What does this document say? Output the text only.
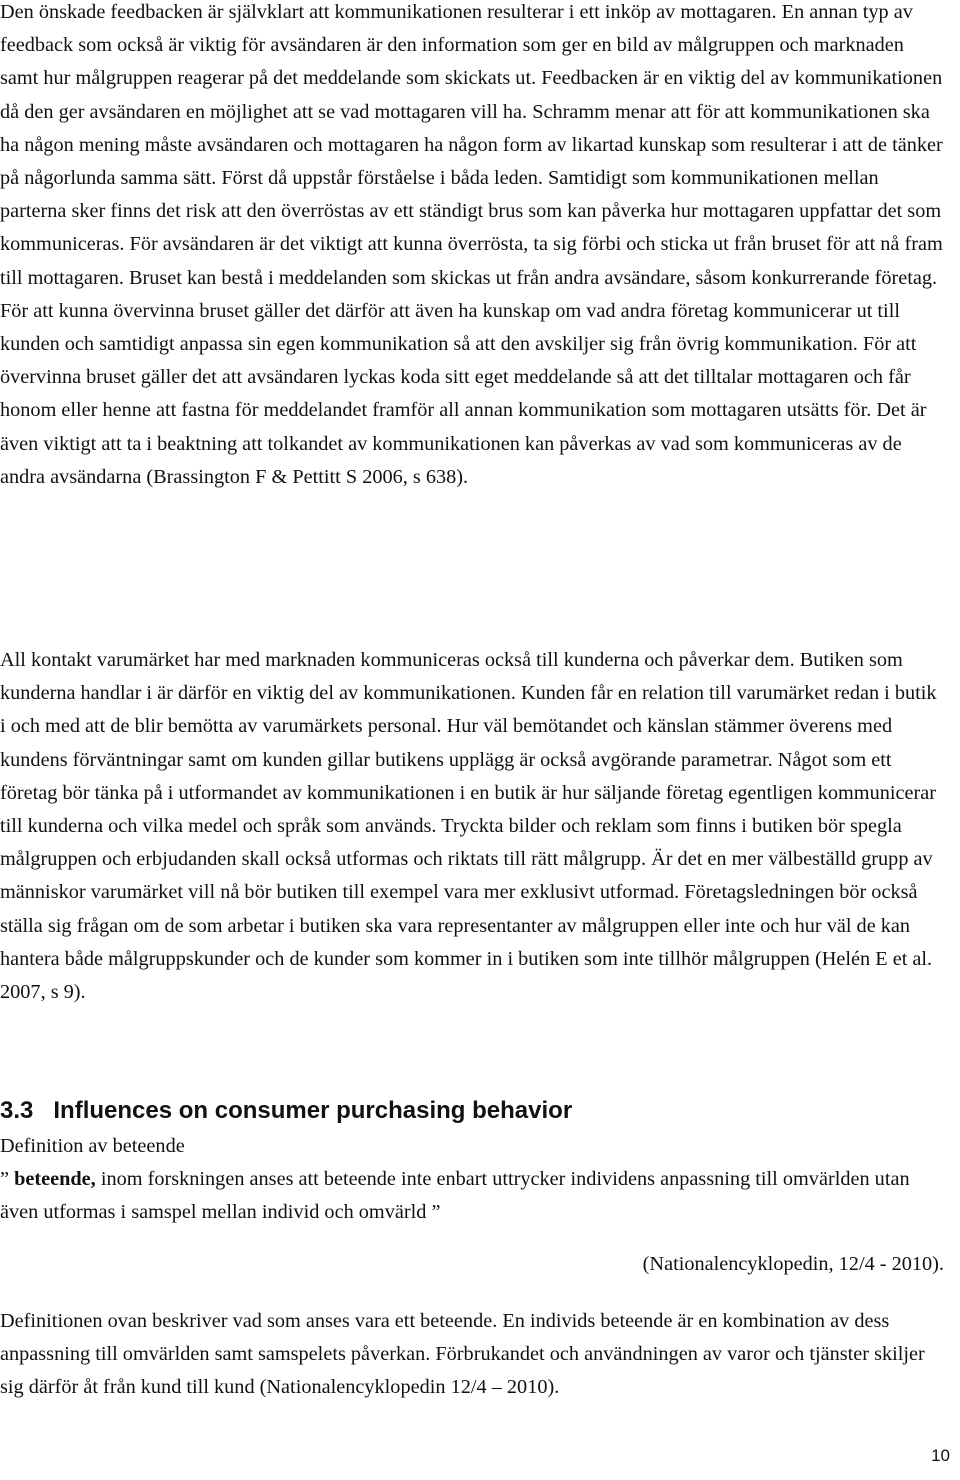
Den önskade feedbacken är självklart att kommunikationen resulterar i ett inköp av mottagaren. En annan typ av feedback som också är viktig för avsändaren är den information som ger en bild av målgruppen och marknaden samt hur målgruppen reagerar på det meddelande som skickats ut. Feedbacken är en viktig del av kommunikationen då den ger avsändaren en möjlighet att se vad mottagaren vill ha. Schramm menar att för att kommunikationen ska ha någon mening måste avsändaren och mottagaren ha någon form av likartad kunskap som resulterar i att de tänker på någorlunda samma sätt. Först då uppstår förståelse i båda leden. Samtidigt som kommunikationen mellan parterna sker finns det risk att den överröstas av ett ständigt brus som kan påverka hur mottagaren uppfattar det som kommuniceras. För avsändaren är det viktigt att kunna överrösta, ta sig förbi och sticka ut från bruset för att nå fram till mottagaren. Bruset kan bestå i meddelanden som skickas ut från andra avsändare, såsom konkurrerande företag. För att kunna övervinna bruset gäller det därför att även ha kunskap om vad andra företag kommunicerar ut till kunden och samtidigt anpassa sin egen kommunikation så att den avskiljer sig från övrig kommunikation. För att övervinna bruset gäller det att avsändaren lyckas koda sitt eget meddelande så att det tilltalar mottagaren och får honom eller henne att fastna för meddelandet framför all annan kommunikation som mottagaren utsätts för. Det är även viktigt att ta i beaktning att tolkandet av kommunikationen kan påverkas av vad som kommuniceras av de andra avsändarna (Brassington F & Pettitt S 2006, s 638).

All kontakt varumärket har med marknaden kommuniceras också till kunderna och påverkar dem. Butiken som kunderna handlar i är därför en viktig del av kommunikationen. Kunden får en relation till varumärket redan i butik i och med att de blir bemötta av varumärkets personal. Hur väl bemötandet och känslan stämmer överens med kundens förväntningar samt om kunden gillar butikens upplägg är också avgörande parametrar. Något som ett företag bör tänka på i utformandet av kommunikationen i en butik är hur säljande företag egentligen kommunicerar till kunderna och vilka medel och språk som används. Tryckta bilder och reklam som finns i butiken bör spegla målgruppen och erbjudanden skall också utformas och riktats till rätt målgrupp. Är det en mer välbeställd grupp av människor varumärket vill nå bör butiken till exempel vara mer exklusivt utformad. Företagsledningen bör också ställa sig frågan om de som arbetar i butiken ska vara representanter av målgruppen eller inte och hur väl de kan hantera både målgruppskunder och de kunder som kommer in i butiken som inte tillhör målgruppen (Helén E et al. 2007, s 9).

3.3 Influences on consumer purchasing behavior

Definition av beteende

” beteende, inom forskningen anses att beteende inte enbart uttrycker individens anpassning till omvärlden utan även utformas i samspel mellan individ och omvärld ”

(Nationalencyklopedin, 12/4 - 2010).

Definitionen ovan beskriver vad som anses vara ett beteende. En individs beteende är en kombination av dess anpassning till omvärlden samt samspelets påverkan. Förbrukandet och användningen av varor och tjänster skiljer sig därför åt från kund till kund (Nationalencyklopedin 12/4 – 2010).

10
